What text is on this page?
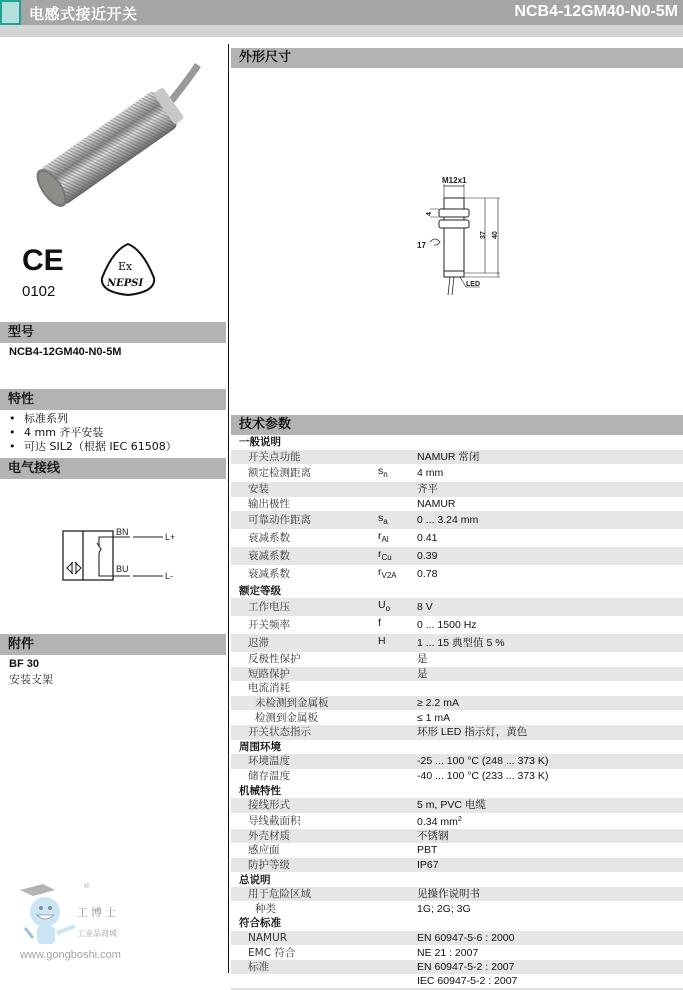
电感式接近开关	NCB4-12GM40-N0-5M
CE
0102
Ex
NEPSI
型号
NCB4-12GM40-N0-5M
特性
• 标准系列
• 4 mm 齐平安装
• 可达 SIL2（根据 IEC 61508）
电气接线
BN
BU
L+
L-
附件
BF 30
安装支架
®
工博士
工业品商城
www.gongboshi.com
外形尺寸
M12x1
4
17
37 40
LED
技术参数
一般说明		
开关点功能		NAMUR 常闭
额定检测距离	$s_n$	4 mm
安装		齐平
输出极性		NAMUR
可靠动作距离	$s_a$	0 ... 3.24 mm
衰减系数	$r_{Al}$	0.41
衰减系数	$r_{Cu}$	0.39
衰减系数	$r_{V2A}$	0.78
额定等级		
工作电压	$U_o$	8 V
开关频率	f	0 ... 1500 Hz
迟滞	H	1 ... 15 典型值 5 %
反极性保护		是
短路保护		是
电流消耗		
未检测到金属板		≥ 2.2 mA
检测到金属板		≤ 1 mA
开关状态指示		环形 LED 指示灯，黄色
周围环境		
环境温度		-25 ... 100 °C (248 ... 373 K)
储存温度		-40 ... 100 °C (233 ... 373 K)
机械特性		
接线形式		5 m, PVC 电缆
导线截面积		0.34 $mm^2$
外壳材质		不锈钢
感应面		PBT
防护等级		IP67
总说明		
用于危险区域		见操作说明书
种类		1G; 2G; 3G
符合标准		
NAMUR		EN 60947-5-6 : 2000
EMC 符合		NE 21 : 2007
标准		EN 60947-5-2 : 2007
		IEC 60947-5-2 : 2007
